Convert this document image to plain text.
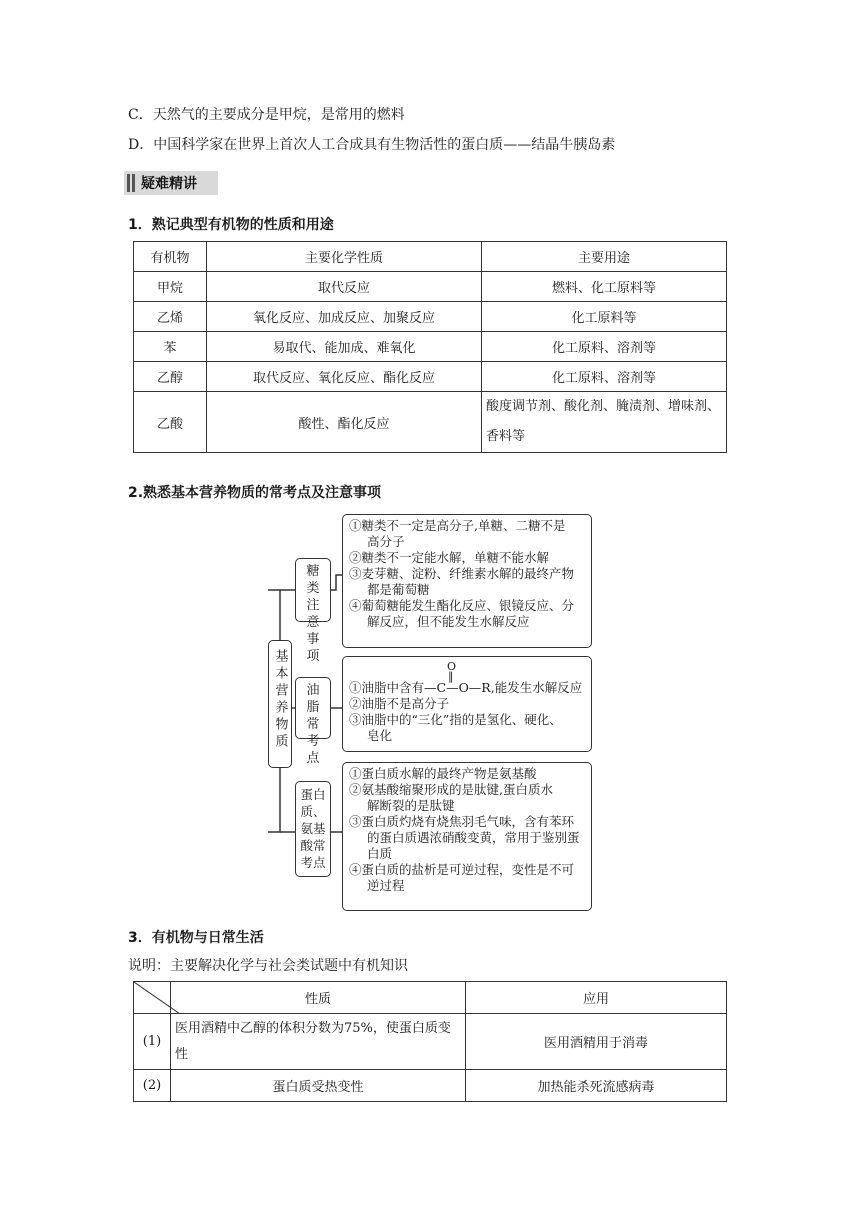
C．天然气的主要成分是甲烷，是常用的燃料
D．中国科学家在世界上首次人工合成具有生物活性的蛋白质——结晶牛胰岛素
疑难精讲
1．熟记典型有机物的性质和用途
有机物	主要化学性质	主要用途
甲烷	取代反应	燃料、化工原料等
乙烯	氧化反应、加成反应、加聚反应	化工原料等
苯	易取代、能加成、难氧化	化工原料、溶剂等
乙醇	取代反应、氧化反应、酯化反应	化工原料、溶剂等
乙酸	酸性、酯化反应	酸度调节剂、酸化剂、腌渍剂、增味剂、香料等
2.熟悉基本营养物质的常考点及注意事项
基本营养物质
糖类注意事项
①糖类不一定是高分子,单糖、二糖不是
高分子
②糖类不一定能水解，单糖不能水解
③麦芽糖、淀粉、纤维素水解的最终产物
都是葡萄糖
④葡萄糖能发生酯化反应、银镜反应、分
解反应，但不能发生水解反应
油脂常考点
O
‖
①油脂中含有—C—O—R,能发生水解反应
②油脂不是高分子
③油脂中的“三化”指的是氢化、硬化、
皂化
蛋白质、氨基酸常考点
①蛋白质水解的最终产物是氨基酸
②氨基酸缩聚形成的是肽键,蛋白质水
解断裂的是肽键
③蛋白质灼烧有烧焦羽毛气味，含有苯环
的蛋白质遇浓硝酸变黄，常用于鉴别蛋
白质
④蛋白质的盐析是可逆过程，变性是不可
逆过程
3．有机物与日常生活
说明：主要解决化学与社会类试题中有机知识
	性质	应用
(1)	医用酒精中乙醇的体积分数为75%，使蛋白质变性	医用酒精用于消毒
(2)	蛋白质受热变性	加热能杀死流感病毒
